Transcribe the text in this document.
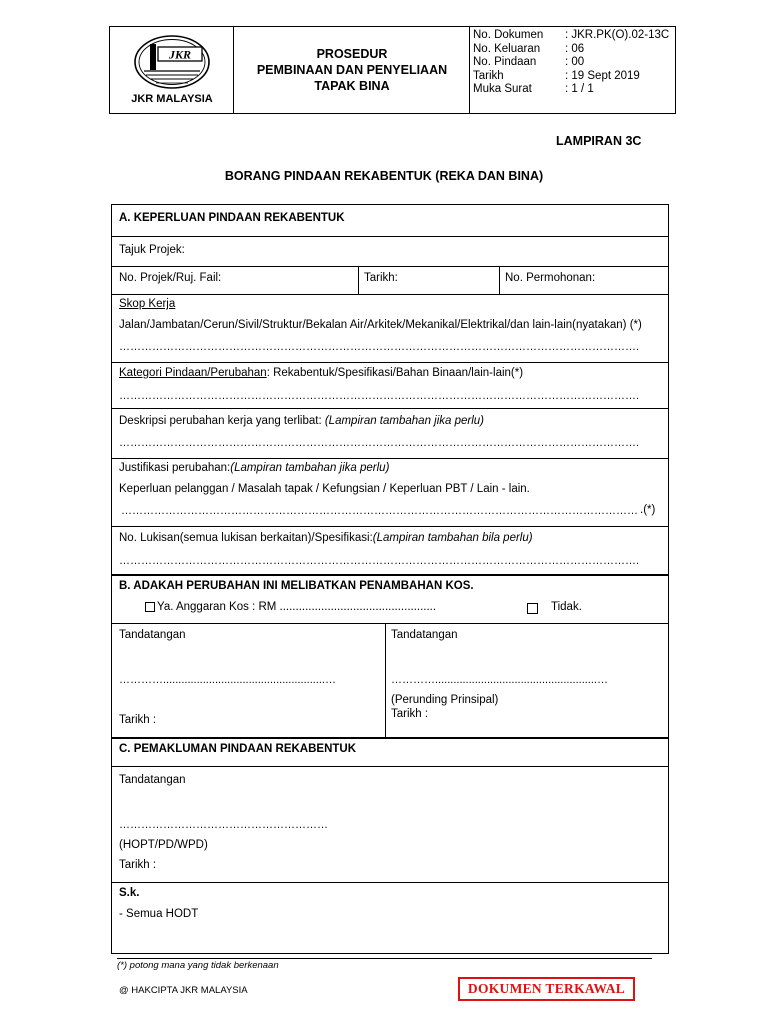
JKR
JKR MALAYSIA
PROSEDUR
PEMBINAAN DAN PENYELIAAN
TAPAK BINA
No. Dokumen	: JKR.PK(O).02-13C
No. Keluaran	: 06
No. Pindaan	: 00
Tarikh	: 19 Sept 2019
Muka Surat	: 1 / 1
LAMPIRAN 3C
BORANG PINDAAN REKABENTUK (REKA DAN BINA)
A. KEPERLUAN PINDAAN REKABENTUK
Tajuk Projek:
No. Projek/Ruj. Fail:	Tarikh:	No. Permohonan:
Skop Kerja
Jalan/Jambatan/Cerun/Sivil/Struktur/Bekalan Air/Arkitek/Mekanikal/Elektrikal/dan lain-lain(nyatakan) (*)
…………………………………………………………………………………………………………………………….
Kategori Pindaan/Perubahan: Rekabentuk/Spesifikasi/Bahan Binaan/lain-lain(*)
…………………………………………………………………………………………………………………………….
Deskripsi perubahan kerja yang terlibat: (Lampiran tambahan jika perlu)
…………………………………………………………………………………………………………………………….
Justifikasi perubahan:(Lampiran tambahan jika perlu)
Keperluan pelanggan / Masalah tapak / Kefungsian / Keperluan PBT / Lain - lain.
…………………………………………………………………………………………………………………………… .(*)
No. Lukisan(semua lukisan berkaitan)/Spesifikasi:(Lampiran tambahan bila perlu)
…………………………………………………………………………………………………………………………….
B. ADAKAH PERUBAHAN INI MELIBATKAN PENAMBAHAN KOS.
Ya. Anggaran Kos : RM .................................................	Tidak.
Tandatangan
………….....................................................…
Tarikh :
Tandatangan
………….....................................................…
(Perunding Prinsipal)
Tarikh :
C. PEMAKLUMAN PINDAAN REKABENTUK
Tandatangan
…………………………………………………
(HOPT/PD/WPD)
Tarikh :
S.k.
- Semua HODT
(*) potong mana yang tidak berkenaan
@ HAKCIPTA JKR MALAYSIA	DOKUMEN TERKAWAL
